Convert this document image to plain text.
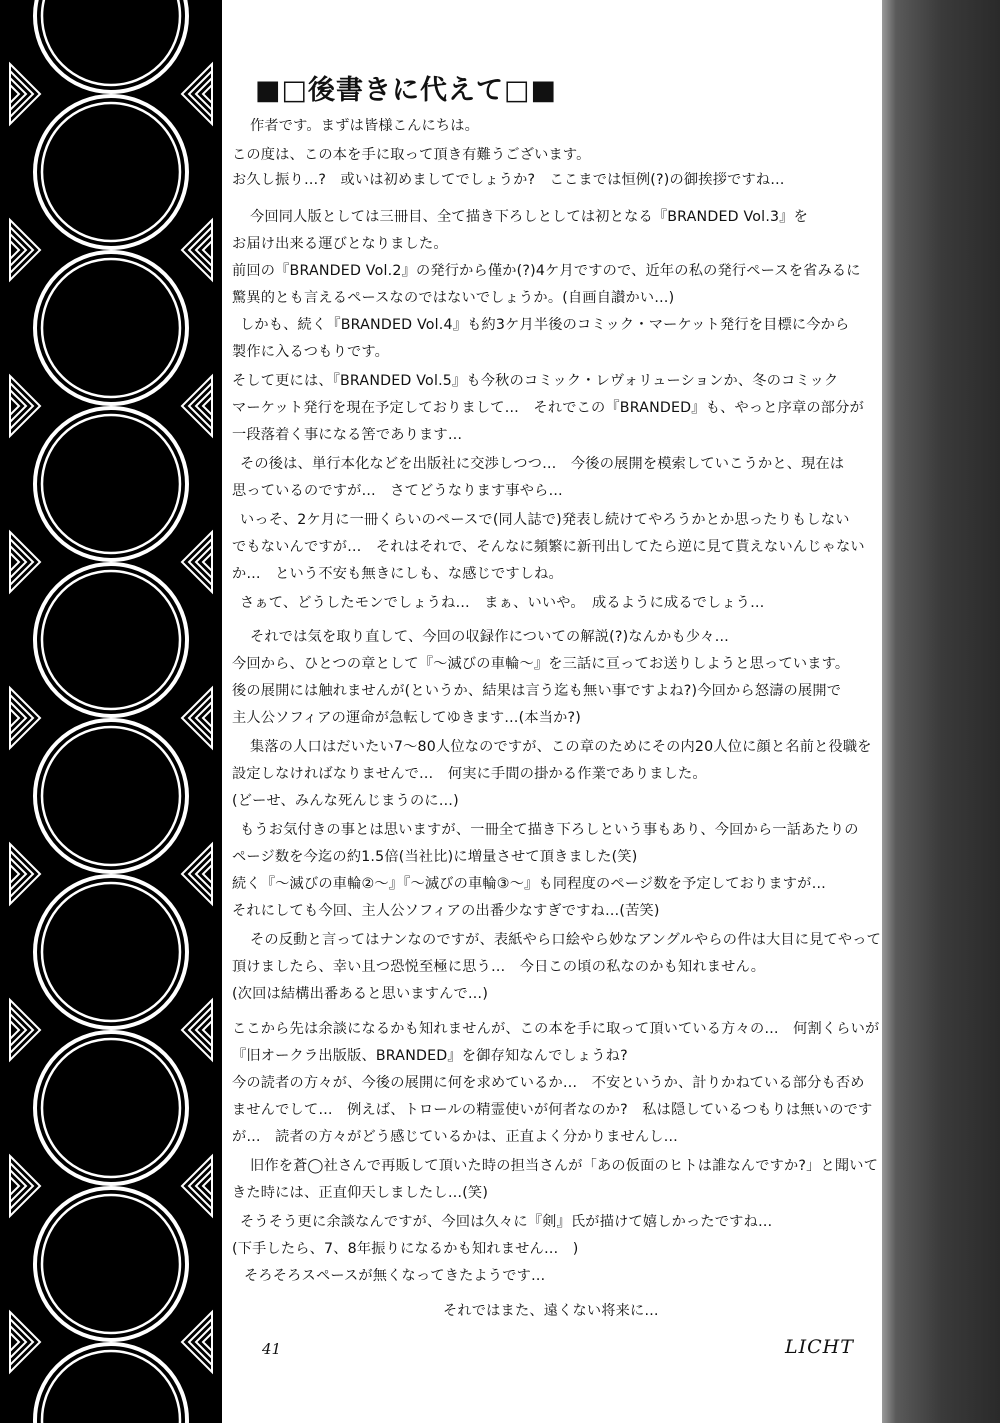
■□後書きに代えて□■
作者です。まずは皆様こんにちは。
この度は、この本を手に取って頂き有難うございます。
お久し振り…?　或いは初めましてでしょうか?　ここまでは恒例(?)の御挨拶ですね…
今回同人版としては三冊目、全て描き下ろしとしては初となる『BRANDED Vol.3』を
お届け出来る運びとなりました。
前回の『BRANDED Vol.2』の発行から僅か(?)4ケ月ですので、近年の私の発行ペースを省みるに
驚異的とも言えるペースなのではないでしょうか。(自画自讃かい…)
しかも、続く『BRANDED Vol.4』も約3ケ月半後のコミック・マーケット発行を目標に今から
製作に入るつもりです。
そして更には、『BRANDED Vol.5』も今秋のコミック・レヴォリューションか、冬のコミック
マーケット発行を現在予定しておりまして…　それでこの『BRANDED』も、やっと序章の部分が
一段落着く事になる筈であります…
その後は、単行本化などを出版社に交渉しつつ…　今後の展開を模索していこうかと、現在は
思っているのですが…　さてどうなります事やら…
いっそ、2ケ月に一冊くらいのペースで(同人誌で)発表し続けてやろうかとか思ったりもしない
でもないんですが…　それはそれで、そんなに頻繁に新刊出してたら逆に見て貰えないんじゃない
か…　という不安も無きにしも、な感じですしね。
さぁて、どうしたモンでしょうね…　まぁ、いいや。　成るように成るでしょう…
それでは気を取り直して、今回の収録作についての解説(?)なんかも少々…
今回から、ひとつの章として『～滅びの車輪～』を三話に亘ってお送りしようと思っています。
後の展開には触れませんが(というか、結果は言う迄も無い事ですよね?)今回から怒濤の展開で
主人公ソフィアの運命が急転してゆきます…(本当か?)
集落の人口はだいたい7～80人位なのですが、この章のためにその内20人位に顔と名前と役職を
設定しなければなりませんで…　何実に手間の掛かる作業でありました。
(どーせ、みんな死んじまうのに…)
もうお気付きの事とは思いますが、一冊全て描き下ろしという事もあり、今回から一話あたりの
ページ数を今迄の約1.5倍(当社比)に増量させて頂きました(笑)
続く『～滅びの車輪②～』『～滅びの車輪③～』も同程度のページ数を予定しておりますが…
それにしても今回、主人公ソフィアの出番少なすぎですね…(苦笑)
その反動と言ってはナンなのですが、表紙やら口絵やら妙なアングルやらの件は大目に見てやって
頂けましたら、幸い且つ恐悦至極に思う…　今日この頃の私なのかも知れません。
(次回は結構出番あると思いますんで…)
ここから先は余談になるかも知れませんが、この本を手に取って頂いている方々の…　何割くらいが
『旧オークラ出版版、BRANDED』を御存知なんでしょうね?
今の読者の方々が、今後の展開に何を求めているか…　不安というか、計りかねている部分も否め
ませんでして…　例えば、トロールの精霊使いが何者なのか?　私は隠しているつもりは無いのです
が…　読者の方々がどう感じているかは、正直よく分かりませんし…
旧作を蒼◯社さんで再販して頂いた時の担当さんが「あの仮面のヒトは誰なんですか?」と聞いて
きた時には、正直仰天しましたし…(笑)
そうそう更に余談なんですが、今回は久々に『剣』氏が描けて嬉しかったですね…
(下手したら、7、8年振りになるかも知れません…　)
そろそろスペースが無くなってきたようです…
それではまた、遠くない将来に…
41	LICHT
